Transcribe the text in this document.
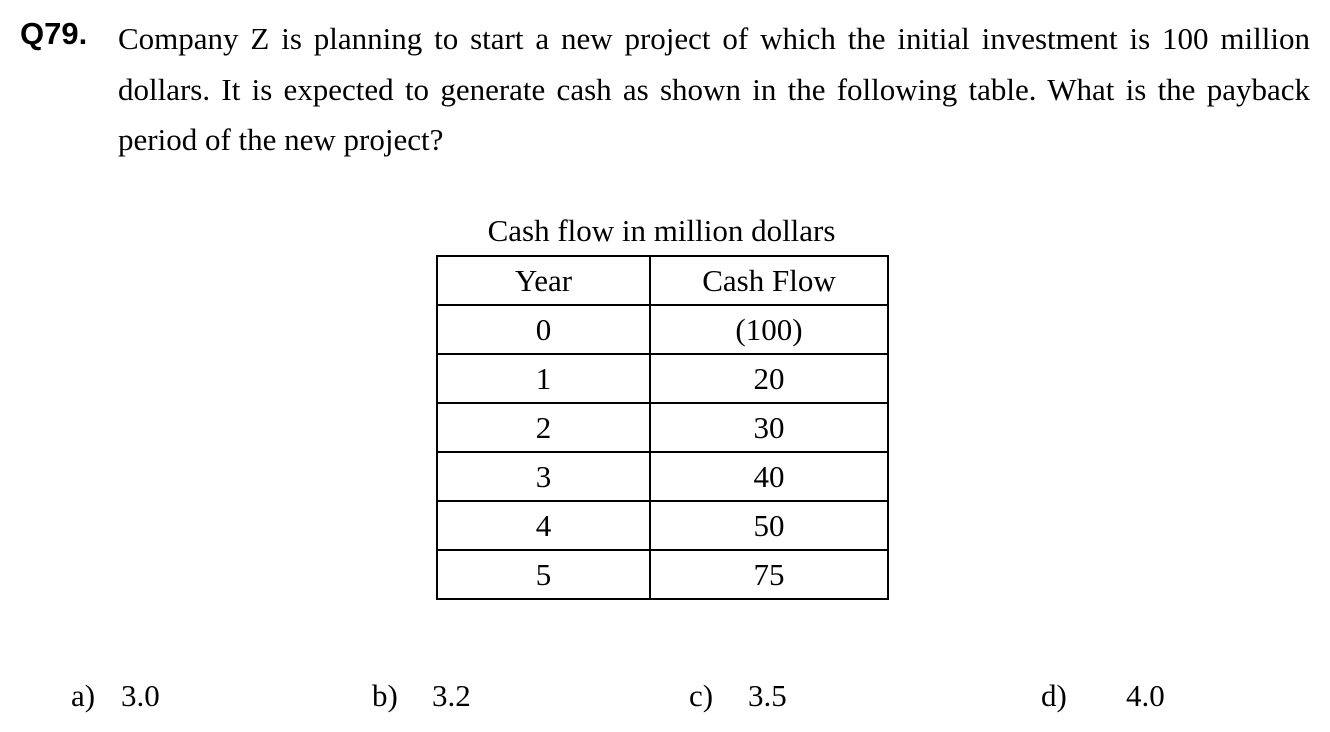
Q79. Company Z is planning to start a new project of which the initial investment is 100 million dollars. It is expected to generate cash as shown in the following table. What is the payback period of the new project?
Cash flow in million dollars
Year	Cash Flow
0	(100)
1	20
2	30
3	40
4	50
5	75
a) 3.0	b) 3.2	c) 3.5	d) 4.0
